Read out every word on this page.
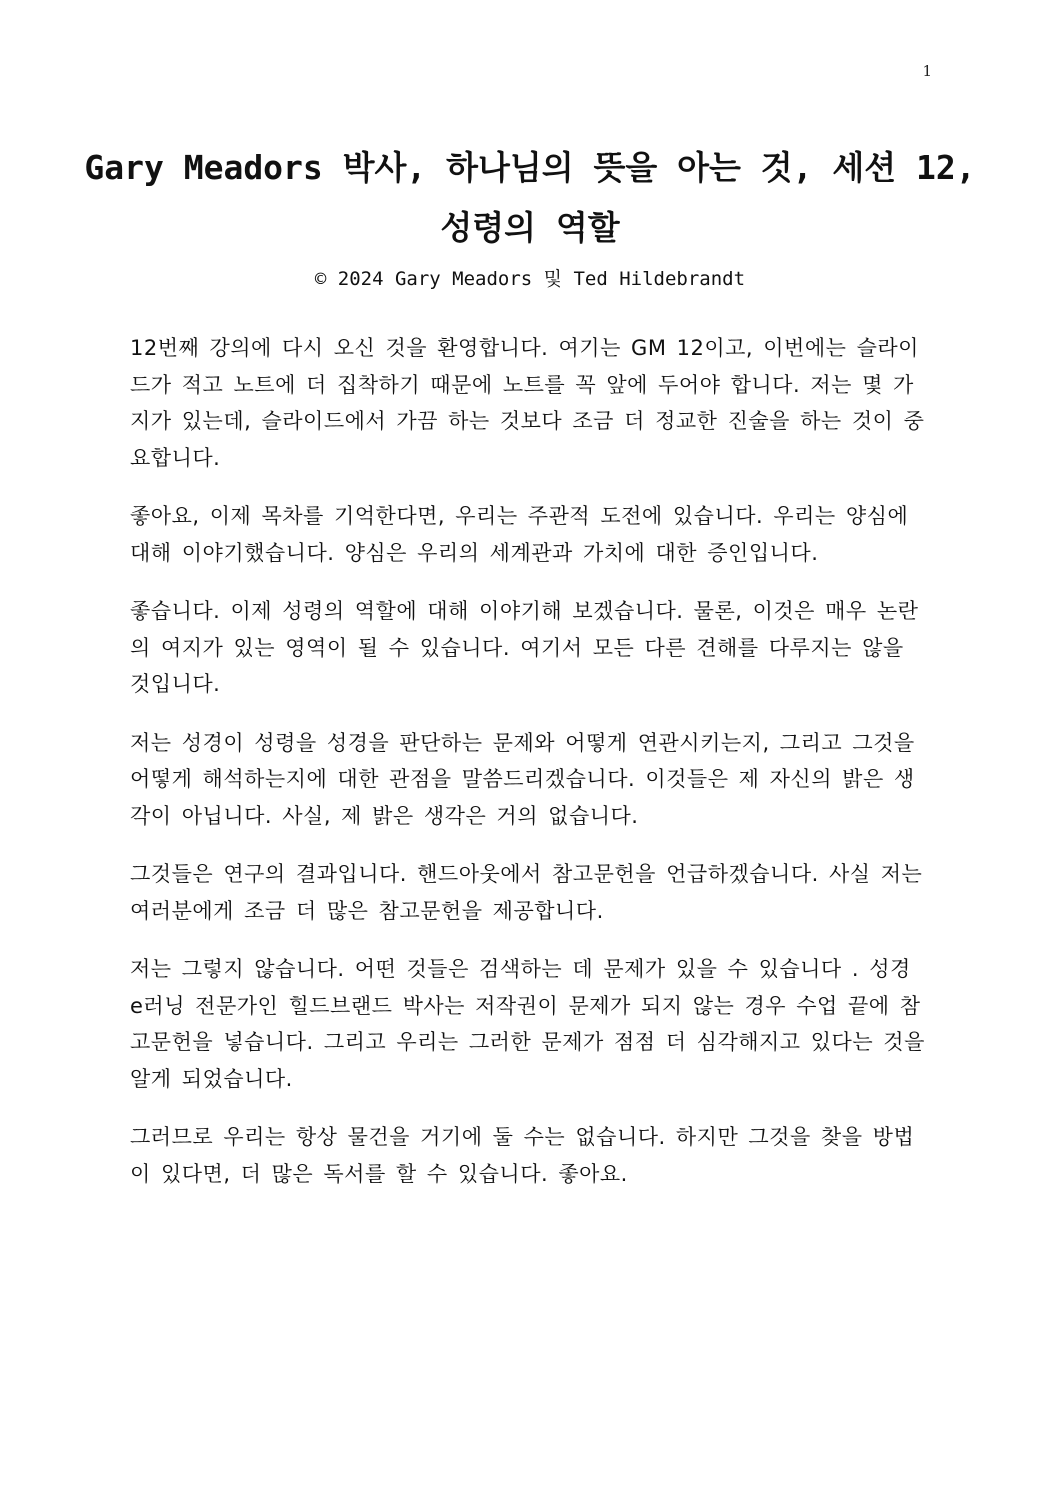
1
Gary Meadors 박사, 하나님의 뜻을 아는 것, 세션 12, 성령의 역할

© 2024 Gary Meadors 및 Ted Hildebrandt

12번째 강의에 다시 오신 것을 환영합니다. 여기는 GM 12이고, 이번에는 슬라이드가 적고 노트에 더 집착하기 때문에 노트를 꼭 앞에 두어야 합니다. 저는 몇 가지가 있는데, 슬라이드에서 가끔 하는 것보다 조금 더 정교한 진술을 하는 것이 중요합니다.

좋아요, 이제 목차를 기억한다면, 우리는 주관적 도전에 있습니다. 우리는 양심에 대해 이야기했습니다. 양심은 우리의 세계관과 가치에 대한 증인입니다.

좋습니다. 이제 성령의 역할에 대해 이야기해 보겠습니다. 물론, 이것은 매우 논란의 여지가 있는 영역이 될 수 있습니다. 여기서 모든 다른 견해를 다루지는 않을 것입니다.

저는 성경이 성령을 성경을 판단하는 문제와 어떻게 연관시키는지, 그리고 그것을 어떻게 해석하는지에 대한 관점을 말씀드리겠습니다. 이것들은 제 자신의 밝은 생각이 아닙니다. 사실, 제 밝은 생각은 거의 없습니다.

그것들은 연구의 결과입니다. 핸드아웃에서 참고문헌을 언급하겠습니다. 사실 저는 여러분에게 조금 더 많은 참고문헌을 제공합니다.

저는 그렇지 않습니다. 어떤 것들은 검색하는 데 문제가 있을 수 있습니다 . 성경 e러닝 전문가인 힐드브랜드 박사는 저작권이 문제가 되지 않는 경우 수업 끝에 참고문헌을 넣습니다. 그리고 우리는 그러한 문제가 점점 더 심각해지고 있다는 것을 알게 되었습니다.

그러므로 우리는 항상 물건을 거기에 둘 수는 없습니다. 하지만 그것을 찾을 방법이 있다면, 더 많은 독서를 할 수 있습니다. 좋아요.
